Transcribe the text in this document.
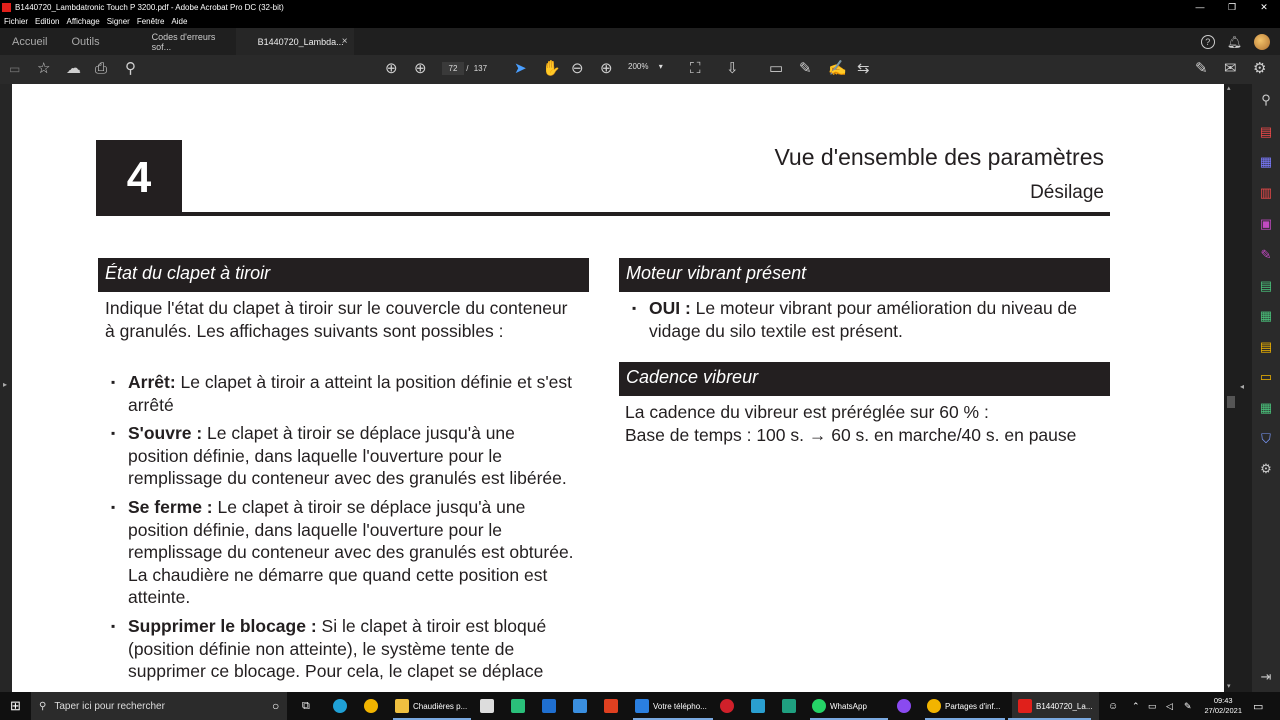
B1440720_Lambdatronic Touch P 3200.pdf - Adobe Acrobat Pro DC (32-bit)	—	❐	✕
Fichier Edition Affichage Signer Fenêtre Aide
Accueil	Outils	Codes d'erreurs sof...	B1440720_Lambda...
×	?	🔔︎
▭ ☆ ☁ ⎙ ⚲	⊕ ⊕	72 / 137 ➤ ✋ ⊖ ⊕ 200% ▾ ⛶ ⇩ ▭ ✎ ✍ ⇆	✎ ✉ ⚙
▸
4	Vue d'ensemble des paramètres
Désilage
État du clapet à tiroir
Indique l'état du clapet à tiroir sur le couvercle du conteneur à granulés. Les affichages suivants sont possibles :
▪ Arrêt: Le clapet à tiroir a atteint la position définie et s'est arrêté
▪ S'ouvre : Le clapet à tiroir se déplace jusqu'à une position définie, dans laquelle l'ouverture pour le remplissage du conteneur avec des granulés est libérée.
▪ Se ferme : Le clapet à tiroir se déplace jusqu'à une position définie, dans laquelle l'ouverture pour le remplissage du conteneur avec des granulés est obturée. La chaudière ne démarre que quand cette position est atteinte.
▪ Supprimer le blocage : Si le clapet à tiroir est bloqué (position définie non atteinte), le système tente de supprimer ce blocage. Pour cela, le clapet se déplace
Moteur vibrant présent
▪ OUI : Le moteur vibrant pour amélioration du niveau de vidage du silo textile est présent.
Cadence vibreur
La cadence du vibreur est préréglée sur 60 % :
Base de temps : 100 s. → 60 s. en marche/40 s. en pause
▴
▾
◂
⚲
▤
▦
▥
▣
✎
▤
▦
▤
▭
▦
⛉
⚙
⇥
⊞ ⚲ Taper ici pour rechercher	○ ⧉	Chaudières p...	Votre télépho...	WhatsApp	Partages d'inf...	B1440720_La... ☺ ⌃ ▭ ◁ ✎	09:43
27/02/2021 ▭
